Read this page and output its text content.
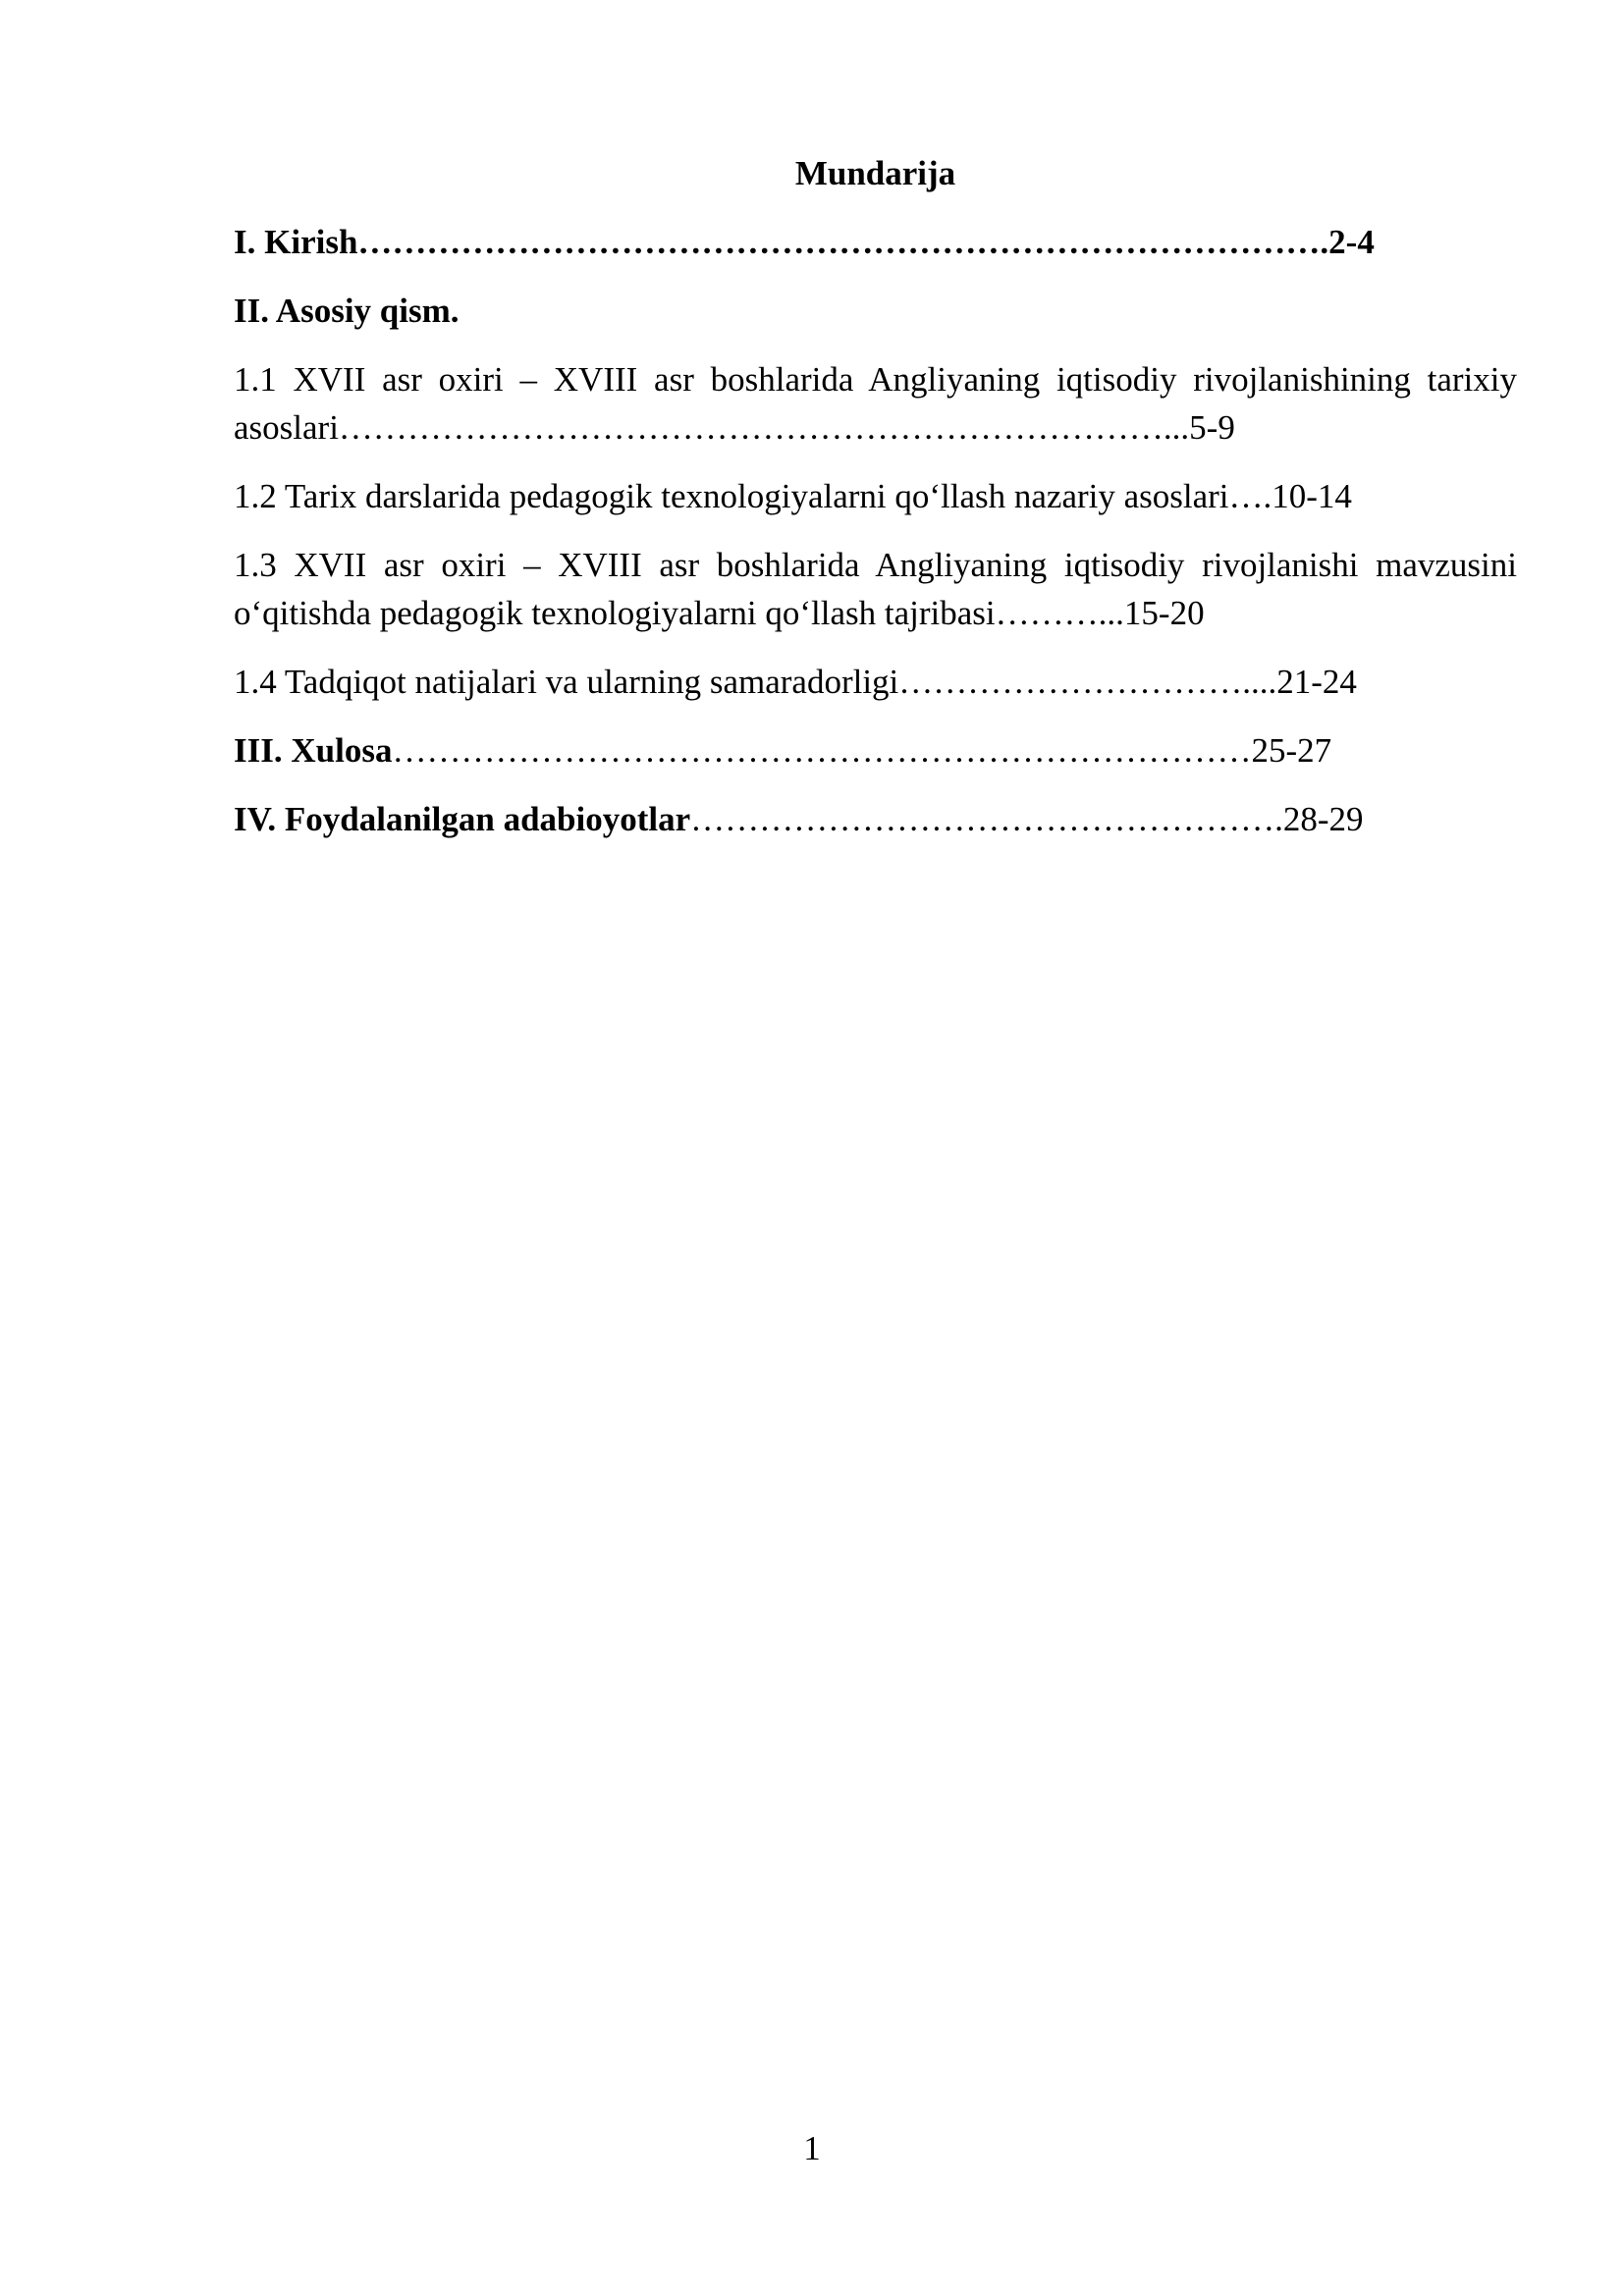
Mundarija
I. Kirish………………………………………………………………………….2-4
II. Asosiy qism.
1.1 XVII asr oxiri – XVIII asr boshlarida Angliyaning iqtisodiy rivojlanishining tarixiy asoslari………………………………………………………………...5-9
1.2 Tarix darslarida pedagogik texnologiyalarni qo‘llash nazariy asoslari….10-14
1.3 XVII asr oxiri – XVIII asr boshlarida Angliyaning iqtisodiy rivojlanishi mavzusini o‘qitishda pedagogik texnologiyalarni qo‘llash tajribasi………...15-20
1.4 Tadqiqot natijalari va ularning samaradorligi…………………………....21-24
III. Xulosa…………………………………………………………………25-27
IV. Foydalanilgan adabioyotlar…………………………………………….28-29
1
